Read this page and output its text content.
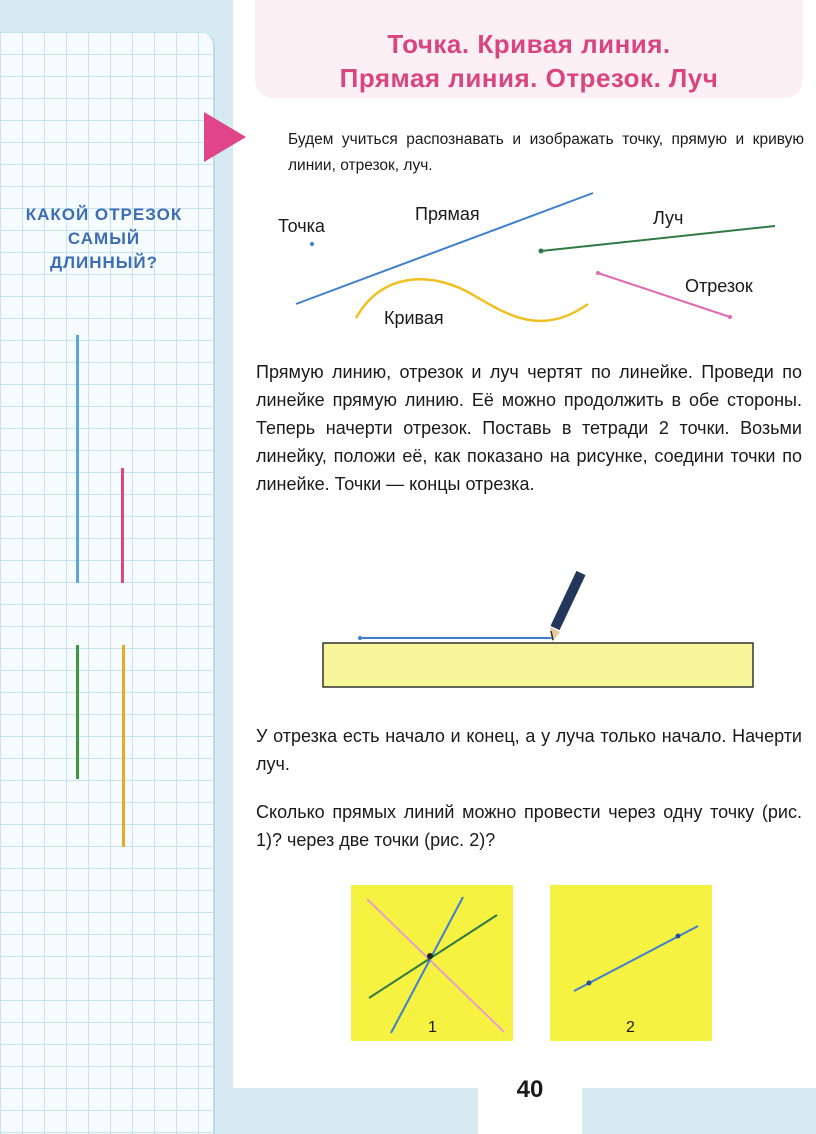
КАКОЙ ОТРЕЗОК САМЫЙ ДЛИННЫЙ?

Точка. Кривая линия.
Прямая линия. Отрезок. Луч

Будем учиться распознавать и изображать точку, прямую и кривую линии, отрезок, луч.

Точка
Прямая	Луч
Отрезок
Кривая

Прямую линию, отрезок и луч чертят по линейке. Проведи по линейке прямую линию. Её можно продолжить в обе стороны. Теперь начерти отрезок. Поставь в тетради 2 точки. Возьми линейку, положи её, как показано на рисунке, соедини точки по линейке. Точки — концы отрезка.

У отрезка есть начало и конец, а у луча только начало. Начерти луч.

Сколько прямых линий можно провести через одну точку (рис. 1)? через две точки (рис. 2)?

1	2
40
